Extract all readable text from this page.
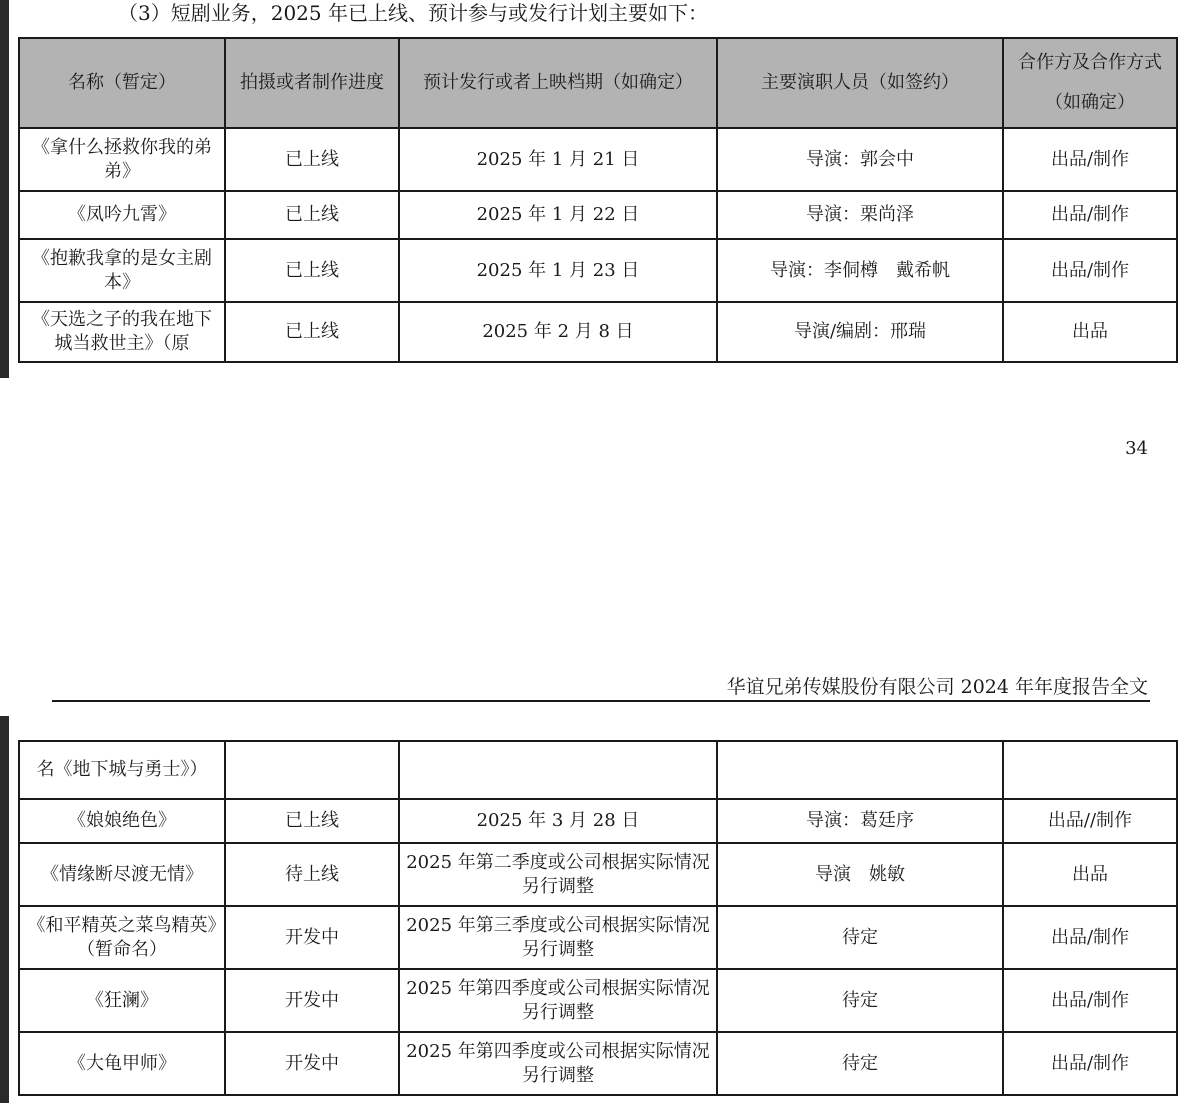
（3）短剧业务，2025 年已上线、预计参与或发行计划主要如下：
名称（暂定）	拍摄或者制作进度	预计发行或者上映档期（如确定）	主要演职人员（如签约）	合作方及合作方式（如确定）
《拿什么拯救你我的弟弟》	已上线	2025 年 1 月 21 日	导演：郭会中	出品/制作
《凤吟九霄》	已上线	2025 年 1 月 22 日	导演：栗尚泽	出品/制作
《抱歉我拿的是女主剧本》	已上线	2025 年 1 月 23 日	导演：李侗樽　戴希帆	出品/制作
《天选之子的我在地下城当救世主》（原	已上线	2025 年 2 月 8 日	导演/编剧：邢瑞	出品
34
华谊兄弟传媒股份有限公司 2024 年年度报告全文
名《地下城与勇士》）				
《娘娘绝色》	已上线	2025 年 3 月 28 日	导演：葛廷序	出品//制作
《情缘断尽渡无情》	待上线	2025 年第二季度或公司根据实际情况另行调整	导演　姚敏	出品
《和平精英之菜鸟精英》（暂命名）	开发中	2025 年第三季度或公司根据实际情况另行调整	待定	出品/制作
《狂澜》	开发中	2025 年第四季度或公司根据实际情况另行调整	待定	出品/制作
《大龟甲师》	开发中	2025 年第四季度或公司根据实际情况另行调整	待定	出品/制作
